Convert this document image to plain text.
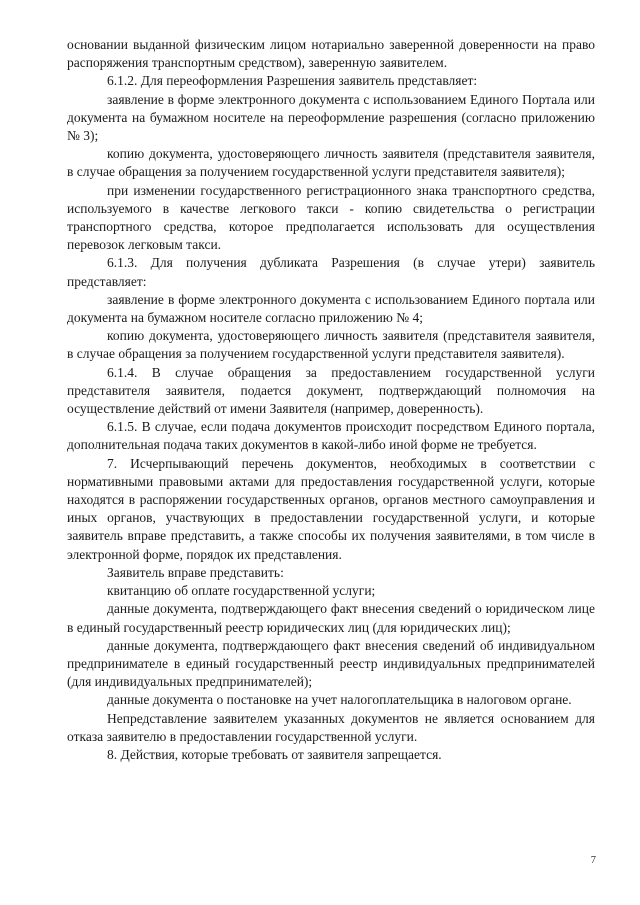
основании выданной физическим лицом нотариально заверенной доверенности на право распоряжения транспортным средством), заверенную заявителем.

6.1.2. Для переоформления Разрешения заявитель представляет:

заявление в форме электронного документа с использованием Единого Портала или документа на бумажном носителе на переоформление разрешения (согласно приложению № 3);

копию документа, удостоверяющего личность заявителя (представителя заявителя, в случае обращения за получением государственной услуги представителя заявителя);

при изменении государственного регистрационного знака транспортного средства, используемого в качестве легкового такси - копию свидетельства о регистрации транспортного средства, которое предполагается использовать для осуществления перевозок легковым такси.

6.1.3. Для получения дубликата Разрешения (в случае утери) заявитель представляет:

заявление в форме электронного документа с использованием Единого портала или документа на бумажном носителе согласно приложению № 4;

копию документа, удостоверяющего личность заявителя (представителя заявителя, в случае обращения за получением государственной услуги представителя заявителя).

6.1.4. В случае обращения за предоставлением государственной услуги представителя заявителя, подается документ, подтверждающий полномочия на осуществление действий от имени Заявителя (например, доверенность).

6.1.5. В случае, если подача документов происходит посредством Единого портала, дополнительная подача таких документов в какой-либо иной форме не требуется.

7. Исчерпывающий перечень документов, необходимых в соответствии с нормативными правовыми актами для предоставления государственной услуги, которые находятся в распоряжении государственных органов, органов местного самоуправления и иных органов, участвующих в предоставлении государственной услуги, и которые заявитель вправе представить, а также способы их получения заявителями, в том числе в электронной форме, порядок их представления.

Заявитель вправе представить:

квитанцию об оплате государственной услуги;

данные документа, подтверждающего факт внесения сведений о юридическом лице в единый государственный реестр юридических лиц (для юридических лиц);

данные документа, подтверждающего факт внесения сведений об индивидуальном предпринимателе в единый государственный реестр индивидуальных предпринимателей (для индивидуальных предпринимателей);

данные документа о постановке на учет налогоплательщика в налоговом органе.

Непредставление заявителем указанных документов не является основанием для отказа заявителю в предоставлении государственной услуги.

8. Действия, которые требовать от заявителя запрещается.

7
